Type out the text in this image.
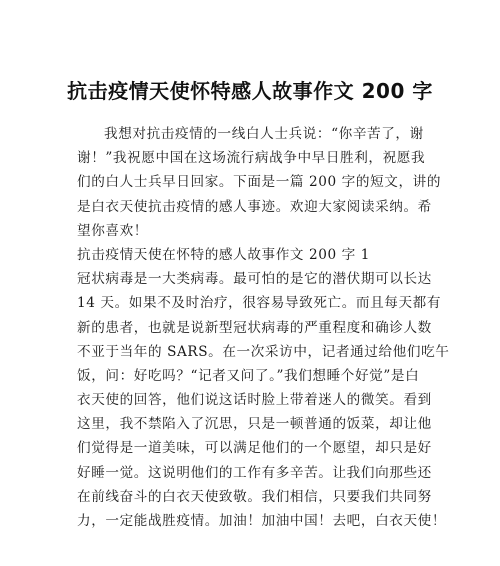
抗击疫情天使怀特感人故事作文 200 字
我想对抗击疫情的一线白人士兵说：“你辛苦了，谢
谢！”我祝愿中国在这场流行病战争中早日胜利，祝愿我
们的白人士兵早日回家。下面是一篇 200 字的短文，讲的
是白衣天使抗击疫情的感人事迹。欢迎大家阅读采纳。希
望你喜欢！
抗击疫情天使在怀特的感人故事作文 200 字 1
冠状病毒是一大类病毒。最可怕的是它的潜伏期可以长达
14 天。如果不及时治疗，很容易导致死亡。而且每天都有
新的患者，也就是说新型冠状病毒的严重程度和确诊人数
不亚于当年的 SARS。在一次采访中，记者通过给他们吃午
饭，问：好吃吗？“记者又问了。”我们想睡个好觉”是白
衣天使的回答，他们说这话时脸上带着迷人的微笑。看到
这里，我不禁陷入了沉思，只是一顿普通的饭菜，却让他
们觉得是一道美味，可以满足他们的一个愿望，却只是好
好睡一觉。这说明他们的工作有多辛苦。让我们向那些还
在前线奋斗的白衣天使致敬。我们相信，只要我们共同努
力，一定能战胜疫情。加油！加油中国！去吧，白衣天使！
